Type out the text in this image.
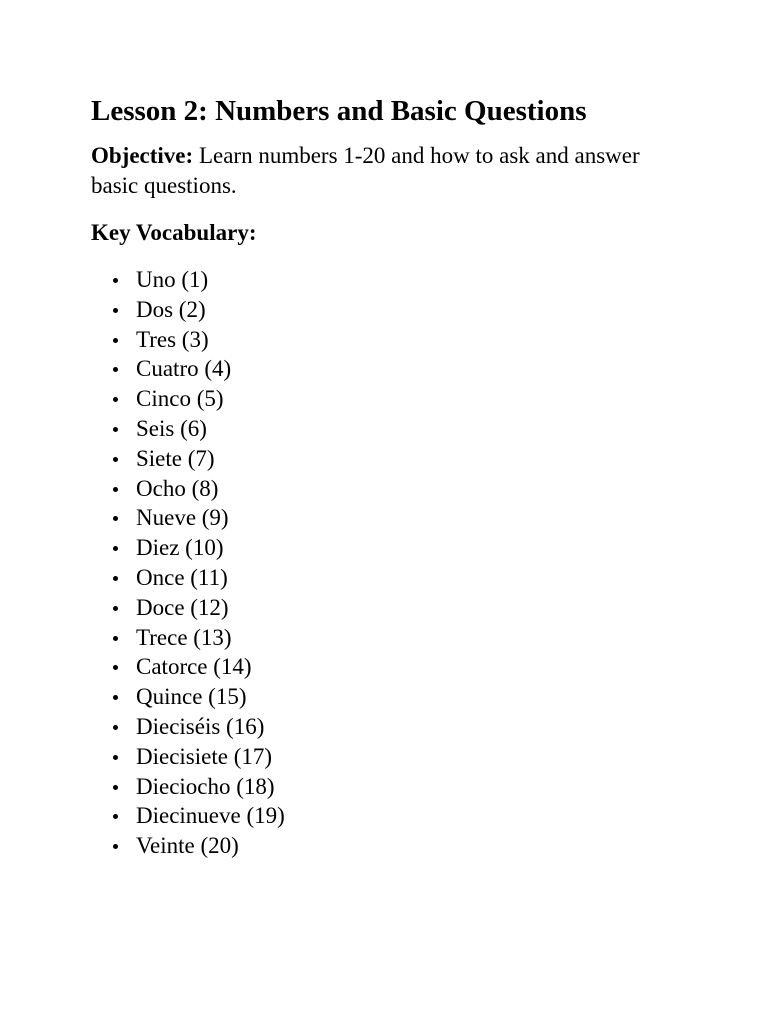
Lesson 2: Numbers and Basic Questions

Objective: Learn numbers 1-20 and how to ask and answer basic questions.

Key Vocabulary:

Uno (1)
Dos (2)
Tres (3)
Cuatro (4)
Cinco (5)
Seis (6)
Siete (7)
Ocho (8)
Nueve (9)
Diez (10)
Once (11)
Doce (12)
Trece (13)
Catorce (14)
Quince (15)
Dieciséis (16)
Diecisiete (17)
Dieciocho (18)
Diecinueve (19)
Veinte (20)
